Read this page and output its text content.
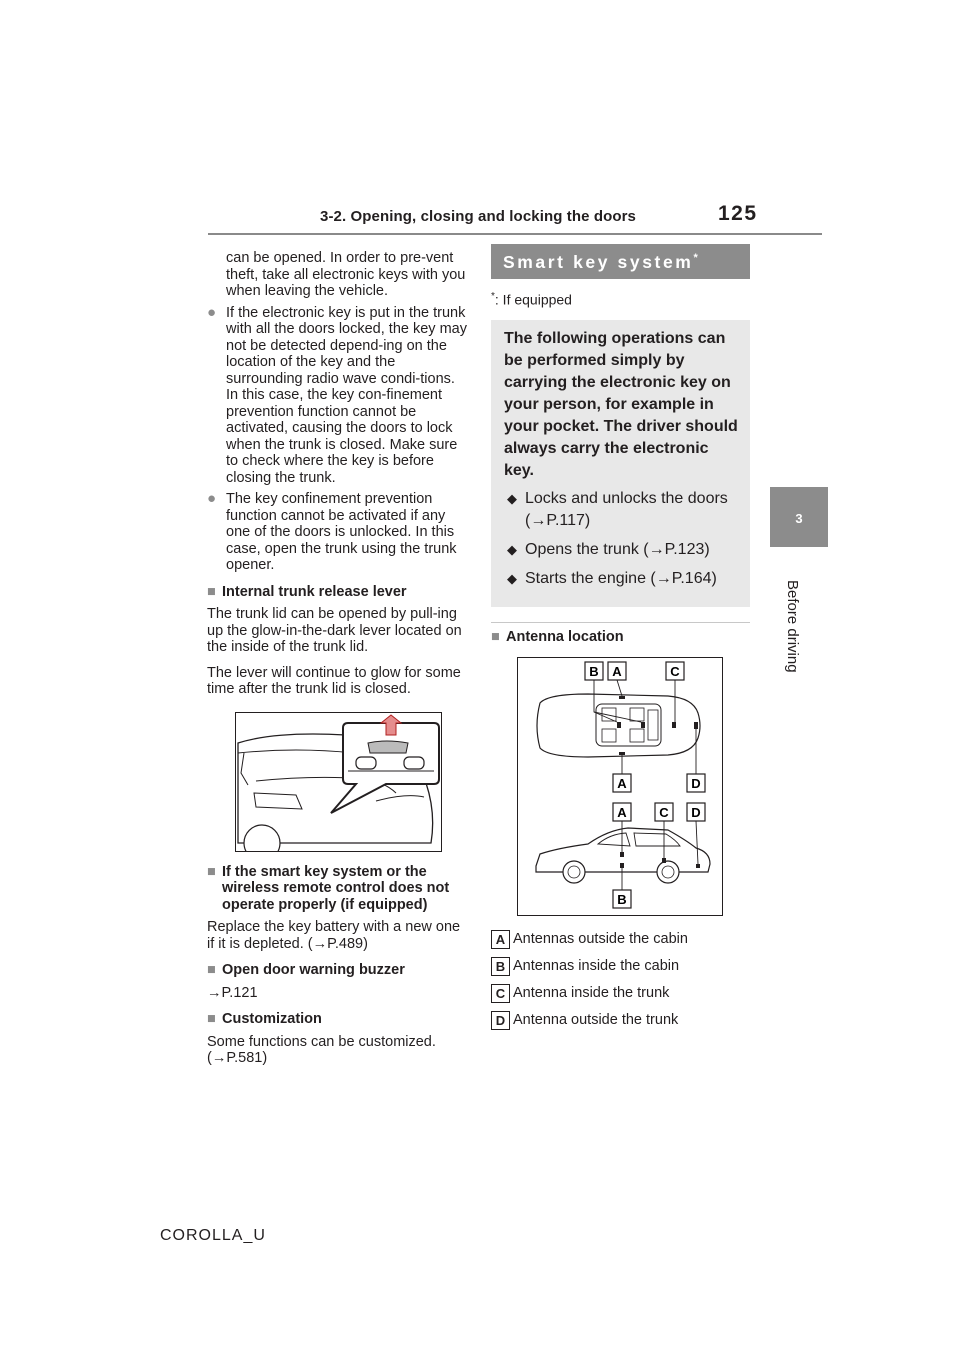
3-2. Opening, closing and locking the doors	125
3
Before driving

can be opened. In order to pre-vent theft, take all electronic keys with you when leaving the vehicle.

● If the electronic key is put in the trunk with all the doors locked, the key may not be detected depend-ing on the location of the key and the surrounding radio wave condi-tions. In this case, the key con-finement prevention function cannot be activated, causing the doors to lock when the trunk is closed. Make sure to check where the key is before closing the trunk.
● The key confinement prevention function cannot be activated if any one of the doors is unlocked. In this case, open the trunk using the trunk opener.
■ Internal trunk release lever

The trunk lid can be opened by pull-ing up the glow-in-the-dark lever located on the inside of the trunk lid.

The lever will continue to glow for some time after the trunk lid is closed.

■ If the smart key system or the wireless remote control does not operate properly (if equipped)

Replace the key battery with a new one if it is depleted. (→P.489)

■ Open door warning buzzer

→P.121

■ Customization

Some functions can be customized. (→P.581)

Smart key system*
*: If equipped
The following operations can be performed simply by carrying the electronic key on your person, for example in your pocket. The driver should always carry the electronic key.
◆ Locks and unlocks the doors (→P.117)
◆ Opens the trunk (→P.123)
◆ Starts the engine (→P.164)
■ Antenna location
B A	C
A	D
A	C D
B
A Antennas outside the cabin
B Antennas inside the cabin
C Antenna inside the trunk
D Antenna outside the trunk
COROLLA_U
